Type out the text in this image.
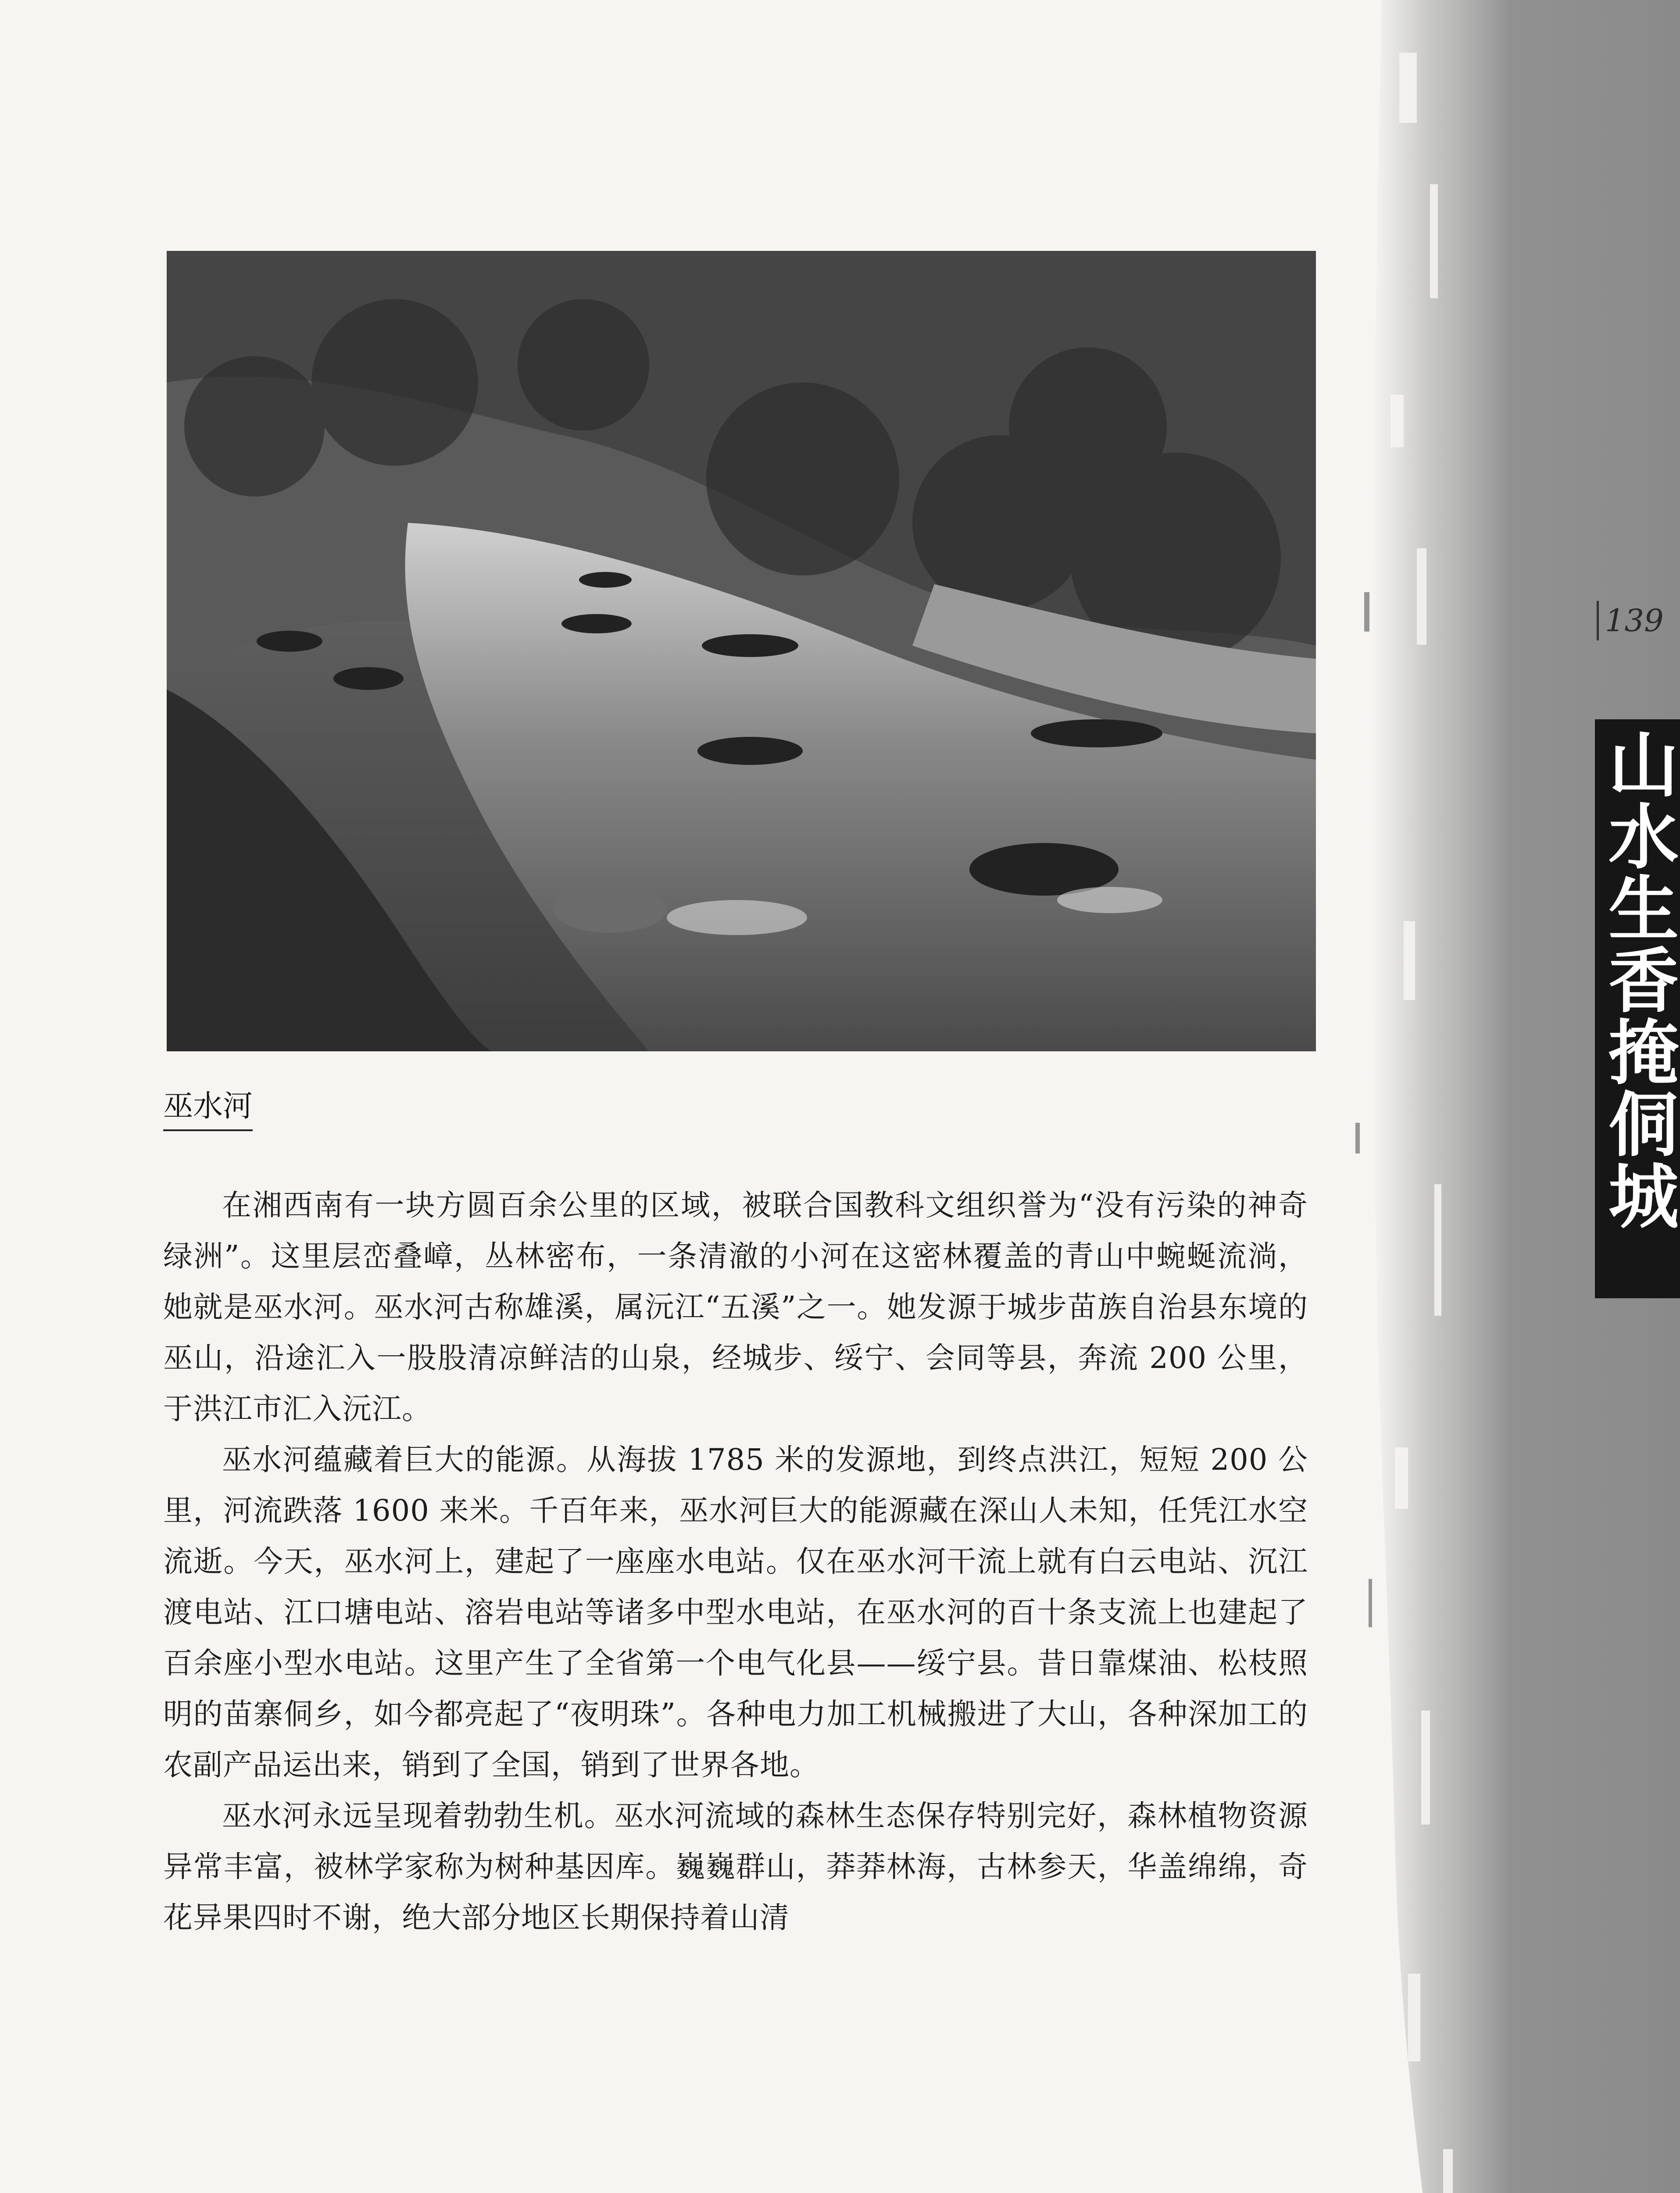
139
山水生香掩侗城
巫水河

在湘西南有一块方圆百余公里的区域，被联合国教科文组织誉为“没有污染的神奇绿洲”。这里层峦叠嶂，丛林密布，一条清澈的小河在这密林覆盖的青山中蜿蜒流淌，她就是巫水河。巫水河古称雄溪，属沅江“五溪”之一。她发源于城步苗族自治县东境的巫山，沿途汇入一股股清凉鲜洁的山泉，经城步、绥宁、会同等县，奔流 200 公里，于洪江市汇入沅江。

巫水河蕴藏着巨大的能源。从海拔 1785 米的发源地，到终点洪江，短短 200 公里，河流跌落 1600 来米。千百年来，巫水河巨大的能源藏在深山人未知，任凭江水空流逝。今天，巫水河上，建起了一座座水电站。仅在巫水河干流上就有白云电站、沉江渡电站、江口塘电站、溶岩电站等诸多中型水电站，在巫水河的百十条支流上也建起了百余座小型水电站。这里产生了全省第一个电气化县——绥宁县。昔日靠煤油、松枝照明的苗寨侗乡，如今都亮起了“夜明珠”。各种电力加工机械搬进了大山，各种深加工的农副产品运出来，销到了全国，销到了世界各地。

巫水河永远呈现着勃勃生机。巫水河流域的森林生态保存特别完好，森林植物资源异常丰富，被林学家称为树种基因库。巍巍群山，莽莽林海，古林参天，华盖绵绵，奇花异果四时不谢，绝大部分地区长期保持着山清
